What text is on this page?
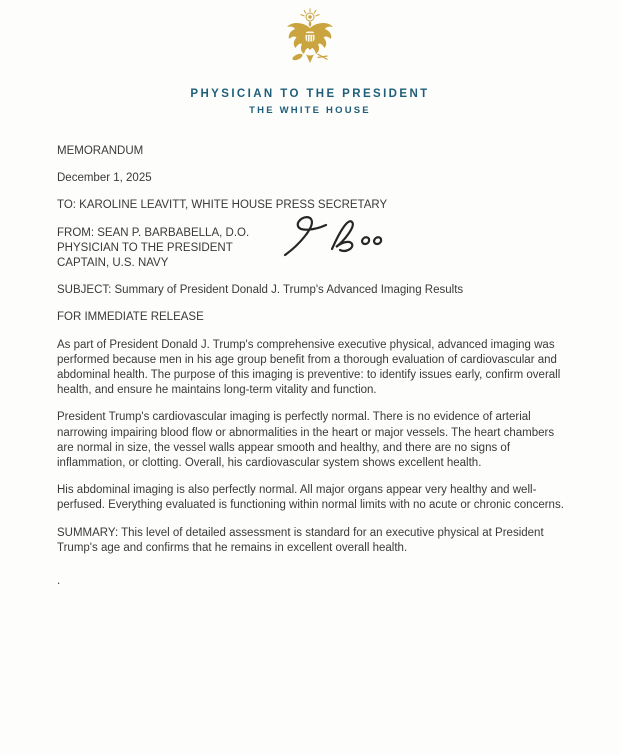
PHYSICIAN TO THE PRESIDENT
THE WHITE HOUSE

MEMORANDUM

December 1, 2025

TO: KAROLINE LEAVITT, WHITE HOUSE PRESS SECRETARY

FROM: SEAN P. BARBABELLA, D.O.
PHYSICIAN TO THE PRESIDENT
CAPTAIN, U.S. NAVY

SUBJECT: Summary of President Donald J. Trump's Advanced Imaging Results

FOR IMMEDIATE RELEASE

As part of President Donald J. Trump's comprehensive executive physical, advanced imaging was performed because men in his age group benefit from a thorough evaluation of cardiovascular and abdominal health. The purpose of this imaging is preventive: to identify issues early, confirm overall health, and ensure he maintains long-term vitality and function.

President Trump's cardiovascular imaging is perfectly normal. There is no evidence of arterial narrowing impairing blood flow or abnormalities in the heart or major vessels. The heart chambers are normal in size, the vessel walls appear smooth and healthy, and there are no signs of inflammation, or clotting. Overall, his cardiovascular system shows excellent health.

His abdominal imaging is also perfectly normal. All major organs appear very healthy and well-perfused. Everything evaluated is functioning within normal limits with no acute or chronic concerns.

SUMMARY: This level of detailed assessment is standard for an executive physical at President Trump's age and confirms that he remains in excellent overall health.

.
